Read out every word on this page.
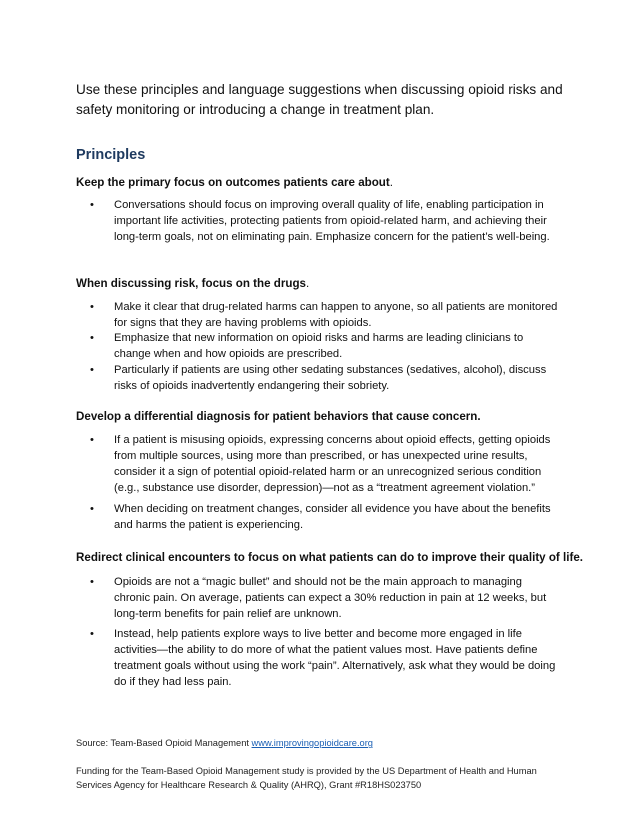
Use these principles and language suggestions when discussing opioid risks and safety monitoring or introducing a change in treatment plan.
Principles
Keep the primary focus on outcomes patients care about.
•	Conversations should focus on improving overall quality of life, enabling participation in important life activities, protecting patients from opioid-related harm, and achieving their long-term goals, not on eliminating pain. Emphasize concern for the patient’s well-being.
When discussing risk, focus on the drugs.
•	Make it clear that drug-related harms can happen to anyone, so all patients are monitored for signs that they are having problems with opioids.
•	Emphasize that new information on opioid risks and harms are leading clinicians to change when and how opioids are prescribed.
•	Particularly if patients are using other sedating substances (sedatives, alcohol), discuss risks of opioids inadvertently endangering their sobriety.
Develop a differential diagnosis for patient behaviors that cause concern.
•	If a patient is misusing opioids, expressing concerns about opioid effects, getting opioids from multiple sources, using more than prescribed, or has unexpected urine results, consider it a sign of potential opioid-related harm or an unrecognized serious condition (e.g., substance use disorder, depression)—not as a “treatment agreement violation.”
•	When deciding on treatment changes, consider all evidence you have about the benefits and harms the patient is experiencing.
Redirect clinical encounters to focus on what patients can do to improve their quality of life.
•	Opioids are not a “magic bullet” and should not be the main approach to managing chronic pain. On average, patients can expect a 30% reduction in pain at 12 weeks, but long-term benefits for pain relief are unknown.
•	Instead, help patients explore ways to live better and become more engaged in life activities—the ability to do more of what the patient values most. Have patients define treatment goals without using the work “pain”. Alternatively, ask what they would be doing do if they had less pain.
Source: Team-Based Opioid Management www.improvingopioidcare.org
Funding for the Team-Based Opioid Management study is provided by the US Department of Health and Human Services Agency for Healthcare Research & Quality (AHRQ), Grant #R18HS023750
